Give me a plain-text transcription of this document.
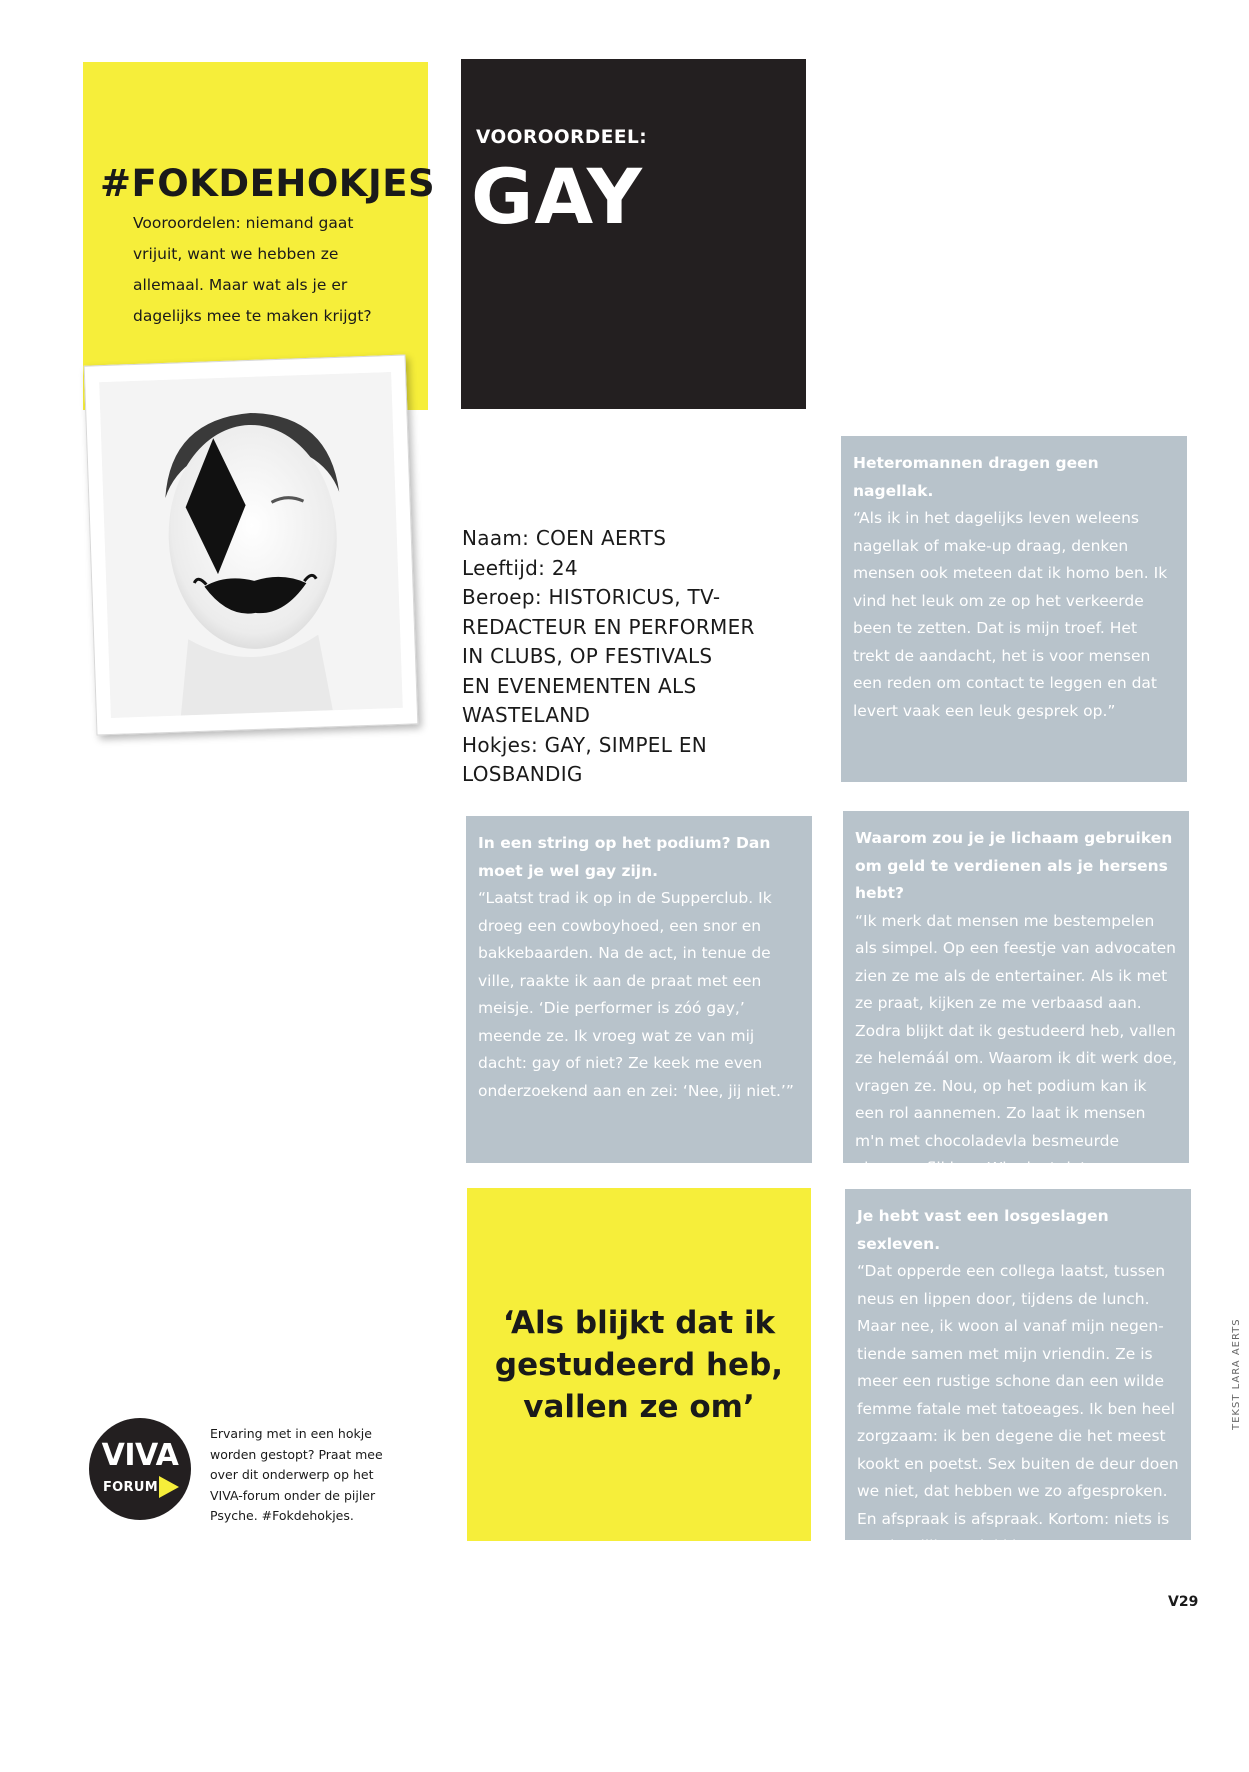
#FOKDEHOKJES
Vooroordelen: niemand gaat
vrijuit, want we hebben ze
allemaal. Maar wat als je er
dagelijks mee te maken krijgt?
VOOROORDEEL:
GAY
Naam: COEN AERTS
Leeftijd: 24
Beroep: HISTORICUS, TV-
REDACTEUR EN PERFORMER
IN CLUBS, OP FESTIVALS
EN EVENEMENTEN ALS
WASTELAND
Hokjes: GAY, SIMPEL EN
LOSBANDIG
Heteromannen dragen geen nagellak.
“Als ik in het dagelijks leven weleens nagellak of make-up draag, denken mensen ook meteen dat ik homo ben. Ik vind het leuk om ze op het verkeerde been te zetten. Dat is mijn troef. Het trekt de aandacht, het is voor mensen een reden om contact te leggen en dat levert vaak een leuk gesprek op.”
In een string op het podium? Dan moet je wel gay zijn.
“Laatst trad ik op in de Supperclub. Ik droeg een cowboyhoed, een snor en bakkebaarden. Na de act, in tenue de ville, raakte ik aan de praat met een meisje. ‘Die performer is zóó gay,’ meende ze. Ik vroeg wat ze van mij dacht: gay of niet? Ze keek me even onderzoekend aan en zei: ‘Nee, jij niet.’”
Waarom zou je je lichaam gebruiken om geld te verdienen als je hersens hebt?
“Ik merk dat mensen me bestempelen als simpel. Op een feestje van advocaten zien ze me als de entertainer. Als ik met ze praat, kijken ze me verbaasd aan. Zodra blijkt dat ik gestudeerd heb, vallen ze helemáál om. Waarom ik dit werk doe, vragen ze. Nou, op het podium kan ik een rol aannemen. Zo laat ik mensen m'n met chocoladevla besmeurde vingers aflikken. Wie doet dat nou op
Je hebt vast een losgeslagen sexleven.
“Dat opperde een collega laatst, tussen neus en lippen door, tijdens de lunch. Maar nee, ik woon al vanaf mijn negen-tiende samen met mijn vriendin. Ze is meer een rustige schone dan een wilde femme fatale met tatoeages. Ik ben heel zorgzaam: ik ben degene die het meest kookt en poetst. Sex buiten de deur doen we niet, dat hebben we zo afgesproken. En afspraak is afspraak. Kortom: niets is wat het lijkt. Gelukkig maar.”
‘Als blijkt dat ik gestudeerd heb, vallen ze om’
VIVA
FORUM
Ervaring met in een hokje worden gestopt? Praat mee over dit onderwerp op het VIVA-forum onder de pijler Psyche. #Fokdehokjes.
TEKST LARA AERTS
V29
